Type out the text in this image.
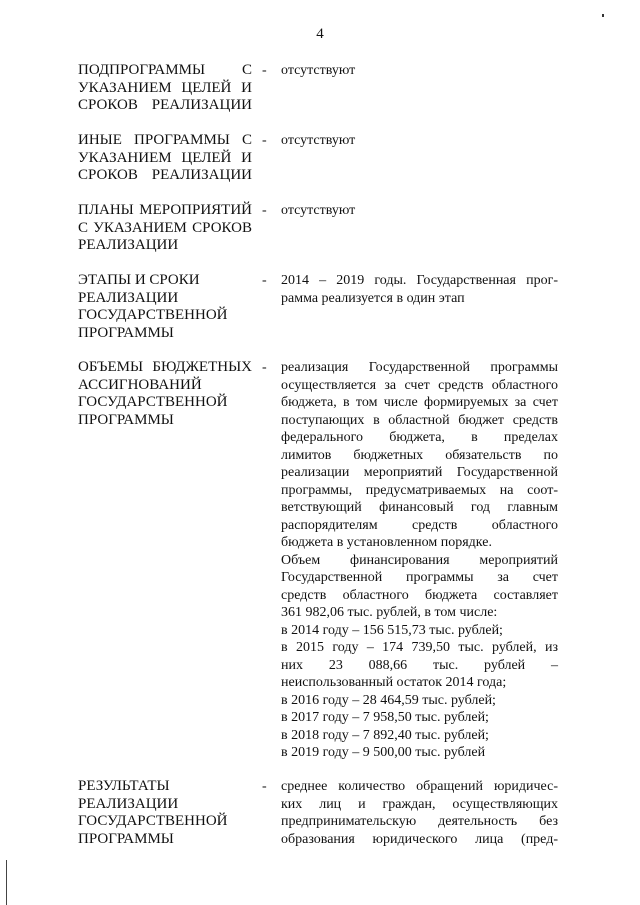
4
ПОДПРОГРАММЫ С
УКАЗАНИЕМ ЦЕЛЕЙ И
СРОКОВ РЕАЛИЗАЦИИ
- отсутствуют
ИНЫЕ ПРОГРАММЫ С
УКАЗАНИЕМ ЦЕЛЕЙ И
СРОКОВ РЕАЛИЗАЦИИ
- отсутствуют
ПЛАНЫ МЕРОПРИЯТИЙ
С УКАЗАНИЕМ СРОКОВ
РЕАЛИЗАЦИИ
- отсутствуют
ЭТАПЫ И СРОКИ
РЕАЛИЗАЦИИ
ГОСУДАРСТВЕННОЙ
ПРОГРАММЫ
- 2014 – 2019 годы. Государственная прог-
рамма реализуется в один этап
ОБЪЕМЫ БЮДЖЕТНЫХ
АССИГНОВАНИЙ
ГОСУДАРСТВЕННОЙ
ПРОГРАММЫ
- реализация Государственной программы
осуществляется за счет средств областного
бюджета, в том числе формируемых за счет
поступающих в областной бюджет средств
федерального бюджета, в пределах
лимитов бюджетных обязательств по
реализации мероприятий Государственной
программы, предусматриваемых на соот-
ветствующий финансовый год главным
распорядителям средств областного
бюджета в установленном порядке.
Объем финансирования мероприятий
Государственной программы за счет
средств областного бюджета составляет
361 982,06 тыс. рублей, в том числе:
в 2014 году – 156 515,73 тыс. рублей;
в 2015 году – 174 739,50 тыс. рублей, из
них 23 088,66 тыс. рублей –
неиспользованный остаток 2014 года;
в 2016 году – 28 464,59 тыс. рублей;
в 2017 году – 7 958,50 тыс. рублей;
в 2018 году – 7 892,40 тыс. рублей;
в 2019 году – 9 500,00 тыс. рублей
РЕЗУЛЬТАТЫ
РЕАЛИЗАЦИИ
ГОСУДАРСТВЕННОЙ
ПРОГРАММЫ
- среднее количество обращений юридичес-
ких лиц и граждан, осуществляющих
предпринимательскую деятельность без
образования юридического лица (пред-
